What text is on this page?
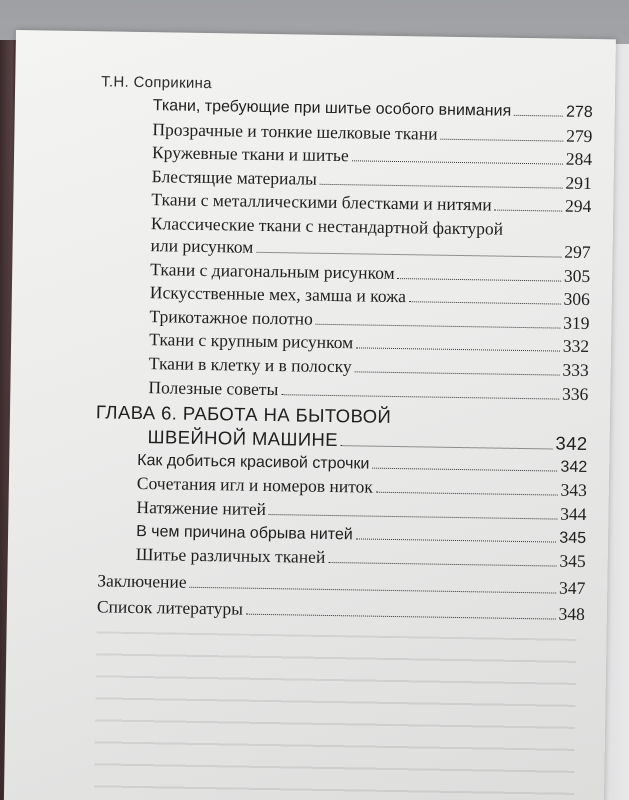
Т.Н. Соприкина
Ткани, требующие при шитье особого внимания	278
Прозрачные и тонкие шелковые ткани	279
Кружевные ткани и шитье	284
Блестящие материалы	291
Ткани с металлическими блестками и нитями	294
Классические ткани с нестандартной фактурой
или рисунком	297
Ткани с диагональным рисунком	305
Искусственные мех, замша и кожа	306
Трикотажное полотно	319
Ткани с крупным рисунком	332
Ткани в клетку и в полоску	333
Полезные советы	336
ГЛАВА 6. РАБОТА НА БЫТОВОЙ
ШВЕЙНОЙ МАШИНЕ	342
Как добиться красивой строчки	342
Сочетания игл и номеров ниток	343
Натяжение нитей	344
В чем причина обрыва нитей	345
Шитье различных тканей	345
Заключение	347
Список литературы	348
